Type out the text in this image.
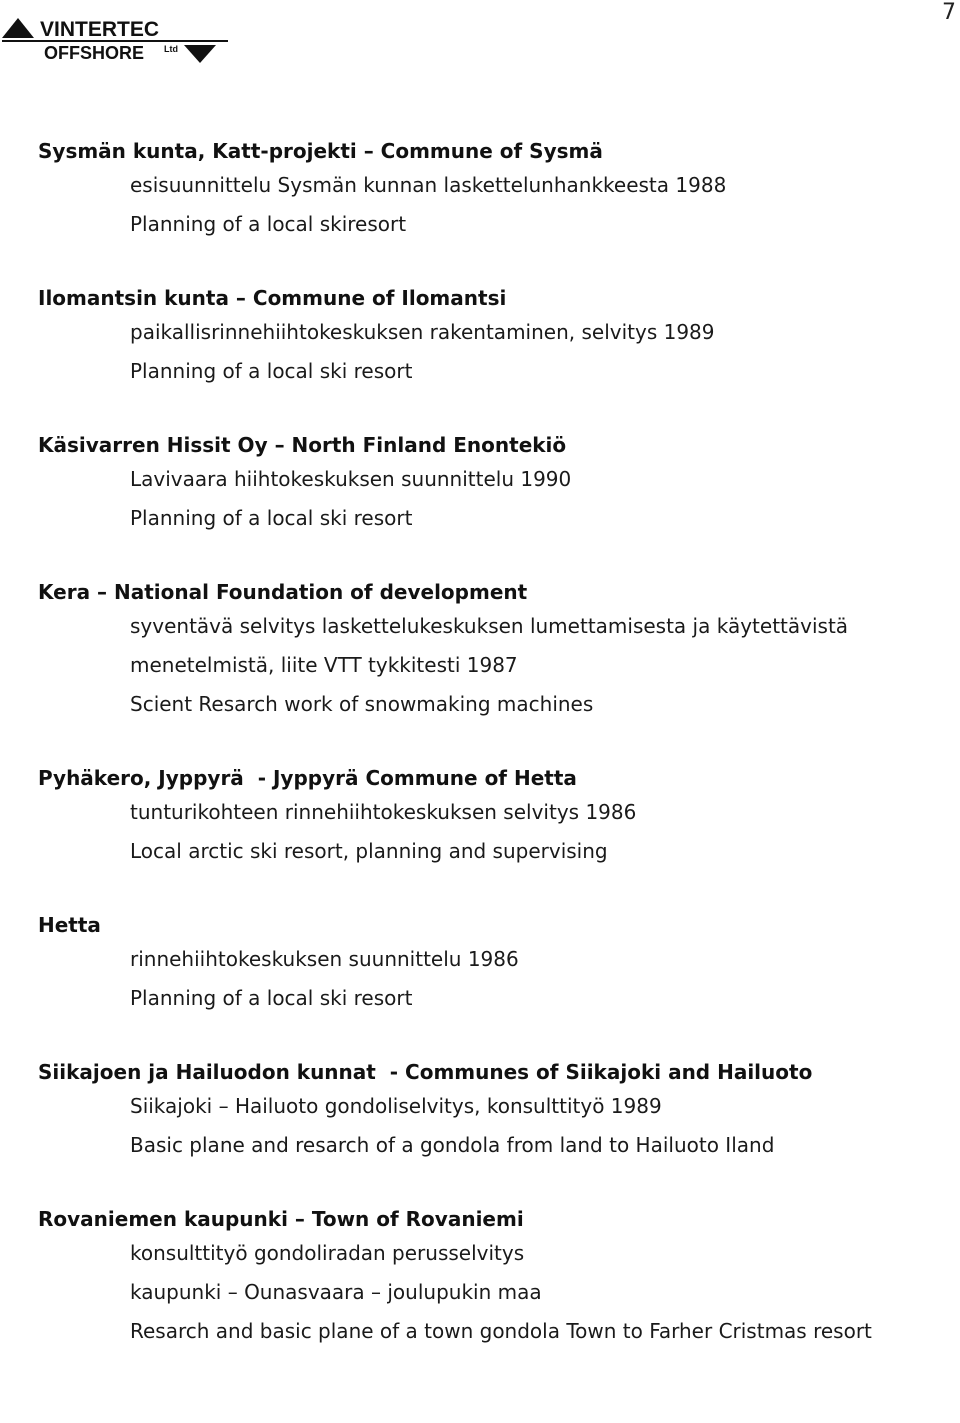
VINTERTEC
OFFSHORE Ltd
7
Sysmän kunta, Katt-projekti – Commune of Sysmä
esisuunnittelu Sysmän kunnan laskettelunhankkeesta 1988
Planning of a local skiresort
Ilomantsin kunta – Commune of Ilomantsi
paikallisrinnehiihtokeskuksen rakentaminen, selvitys 1989
Planning of a local ski resort
Käsivarren Hissit Oy – North Finland Enontekiö
Lavivaara hiihtokeskuksen suunnittelu 1990
Planning of a local ski resort
Kera – National Foundation of development
syventävä selvitys laskettelukeskuksen lumettamisesta ja käytettävistä
menetelmistä, liite VTT tykkitesti 1987
Scient Resarch work of snowmaking machines
Pyhäkero, Jyppyrä  - Jyppyrä Commune of Hetta
tunturikohteen rinnehiihtokeskuksen selvitys 1986
Local arctic ski resort, planning and supervising
Hetta
rinnehiihtokeskuksen suunnittelu 1986
Planning of a local ski resort
Siikajoen ja Hailuodon kunnat  - Communes of Siikajoki and Hailuoto
Siikajoki – Hailuoto gondoliselvitys, konsulttityö 1989
Basic plane and resarch of a gondola from land to Hailuoto Iland
Rovaniemen kaupunki – Town of Rovaniemi
konsulttityö gondoliradan perusselvitys
kaupunki – Ounasvaara – joulupukin maa
Resarch and basic plane of a town gondola Town to Farher Cristmas resort
